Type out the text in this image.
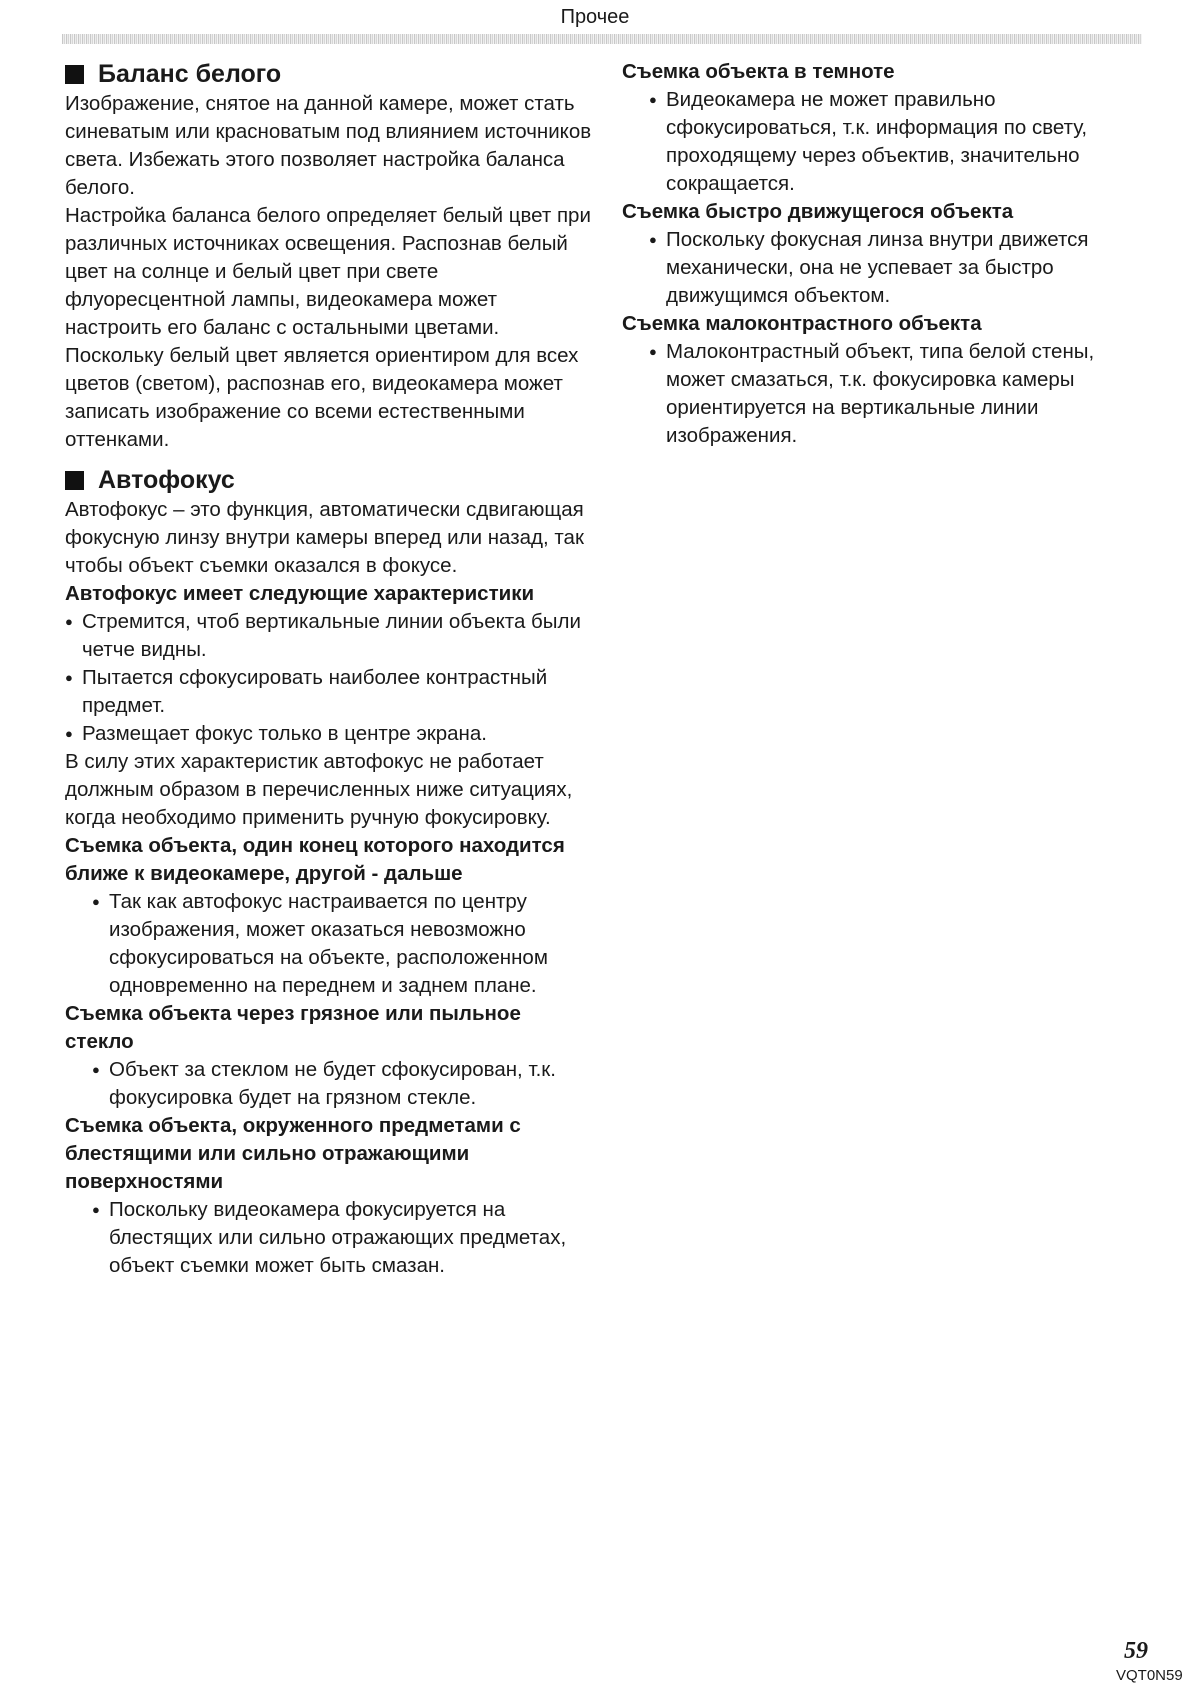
Прочее
Баланс белого

Изображение, снятое на данной камере, может стать синеватым или красноватым под влиянием источников света. Избежать этого позволяет настройка баланса белого.

Настройка баланса белого определяет белый цвет при различных источниках освещения. Распознав белый цвет на солнце и белый цвет при свете флуоресцентной лампы, видеокамера может настроить его баланс с остальными цветами.

Поскольку белый цвет является ориентиром для всех цветов (светом), распознав его, видеокамера может записать изображение со всеми естественными оттенками.

Автофокус

Автофокус – это функция, автоматически сдвигающая фокусную линзу внутри камеры вперед или назад, так чтобы объект съемки оказался в фокусе.

Автофокус имеет следующие характеристики
● Стремится, чтоб вертикальные линии объекта были четче видны.
● Пытается сфокусировать наиболее контрастный предмет.
● Размещает фокус только в центре экрана.

В силу этих характеристик автофокус не работает должным образом в перечисленных ниже ситуациях, когда необходимо применить ручную фокусировку.

Съемка объекта, один конец которого находится ближе к видеокамере, другой - дальше
● Так как автофокус настраивается по центру изображения, может оказаться невозможно сфокусироваться на объекте, расположенном одновременно на переднем и заднем плане.
Съемка объекта через грязное или пыльное стекло
● Объект за стеклом не будет сфокусирован, т.к. фокусировка будет на грязном стекле.
Съемка объекта, окруженного предметами с блестящими или сильно отражающими поверхностями
● Поскольку видеокамера фокусируется на блестящих или сильно отражающих предметах, объект съемки может быть смазан.
Съемка объекта в темноте
● Видеокамера не может правильно сфокусироваться, т.к. информация по свету, проходящему через объектив, значительно сокращается.
Съемка быстро движущегося объекта
● Поскольку фокусная линза внутри движется механически, она не успевает за быстро движущимся объектом.
Съемка малоконтрастного объекта
● Малоконтрастный объект, типа белой стены, может смазаться, т.к. фокусировка камеры ориентируется на вертикальные линии изображения.
59
VQT0N59
